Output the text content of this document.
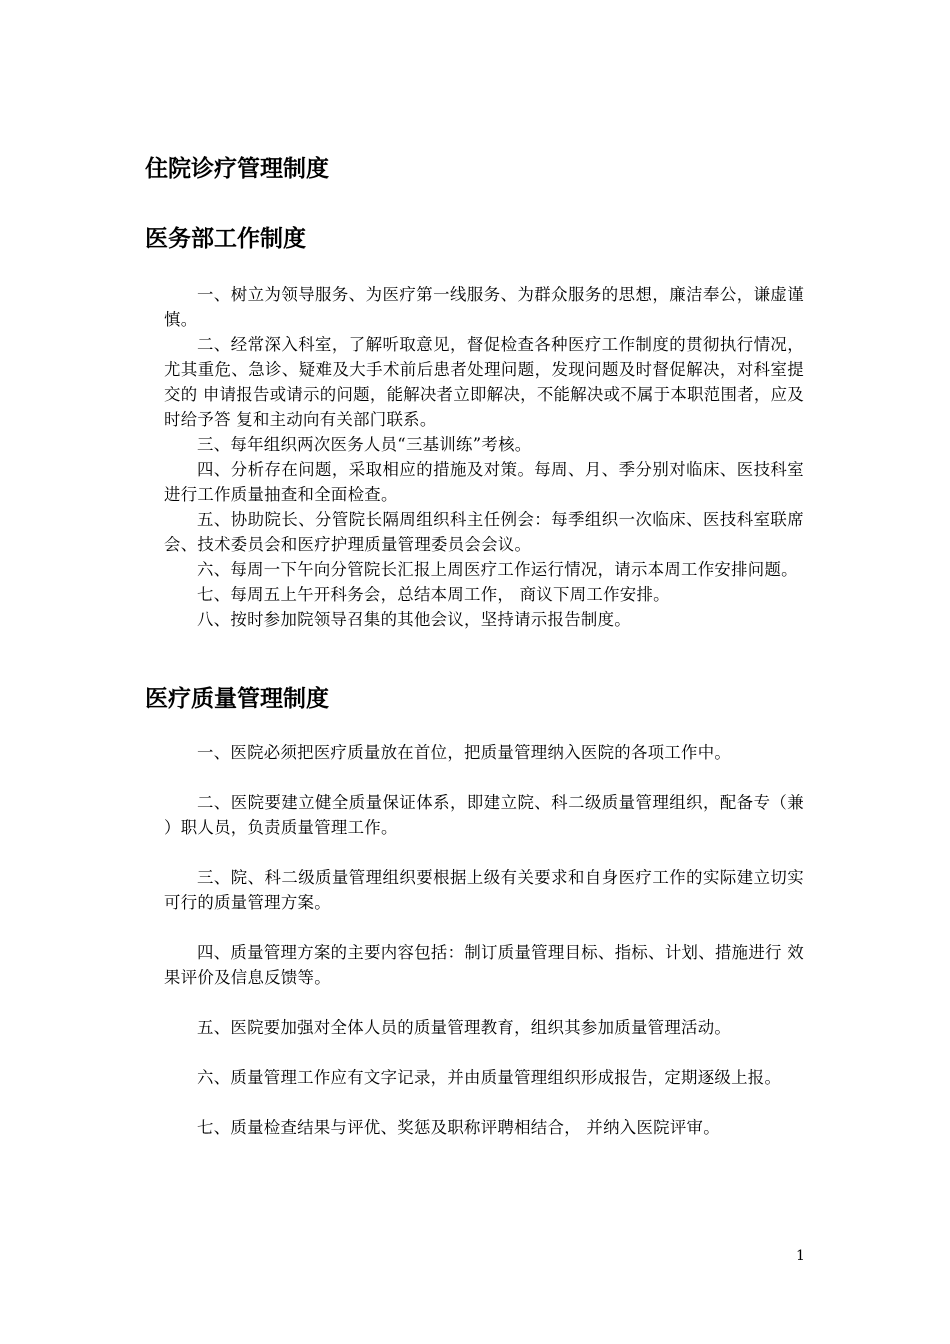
住院诊疗管理制度
医务部工作制度

一、树立为领导服务、为医疗第一线服务、为群众服务的思想，廉洁奉公，谦虚谨 慎。

二、经常深入科室，了解听取意见，督促检查各种医疗工作制度的贯彻执行情况， 尤其重危、急诊、疑难及大手术前后患者处理问题，发现问题及时督促解决，对科室提交的 申请报告或请示的问题，能解决者立即解决，不能解决或不属于本职范围者，应及时给予答 复和主动向有关部门联系。

三、每年组织两次医务人员“三基训练”考核。

四、分析存在问题，采取相应的措施及对策。每周、月、季分别对临床、医技科室 进行工作质量抽查和全面检查。

五、协助院长、分管院长隔周组织科主任例会：每季组织一次临床、医技科室联席 会、技术委员会和医疗护理质量管理委员会会议。

六、每周一下午向分管院长汇报上周医疗工作运行情况，请示本周工作安排问题。

七、每周五上午开科务会，总结本周工作， 商议下周工作安排。

八、按时参加院领导召集的其他会议，坚持请示报告制度。

医疗质量管理制度

一、医院必须把医疗质量放在首位，把质量管理纳入医院的各项工作中。

二、医院要建立健全质量保证体系，即建立院、科二级质量管理组织，配备专（兼 ）职人员，负责质量管理工作。

三、院、科二级质量管理组织要根据上级有关要求和自身医疗工作的实际建立切实可行的质量管理方案。

四、质量管理方案的主要内容包括：制订质量管理目标、指标、计划、措施进行 效果评价及信息反馈等。

五、医院要加强对全体人员的质量管理教育，组织其参加质量管理活动。

六、质量管理工作应有文字记录，并由质量管理组织形成报告，定期逐级上报。

七、质量检查结果与评优、奖惩及职称评聘相结合， 并纳入医院评审。

1
